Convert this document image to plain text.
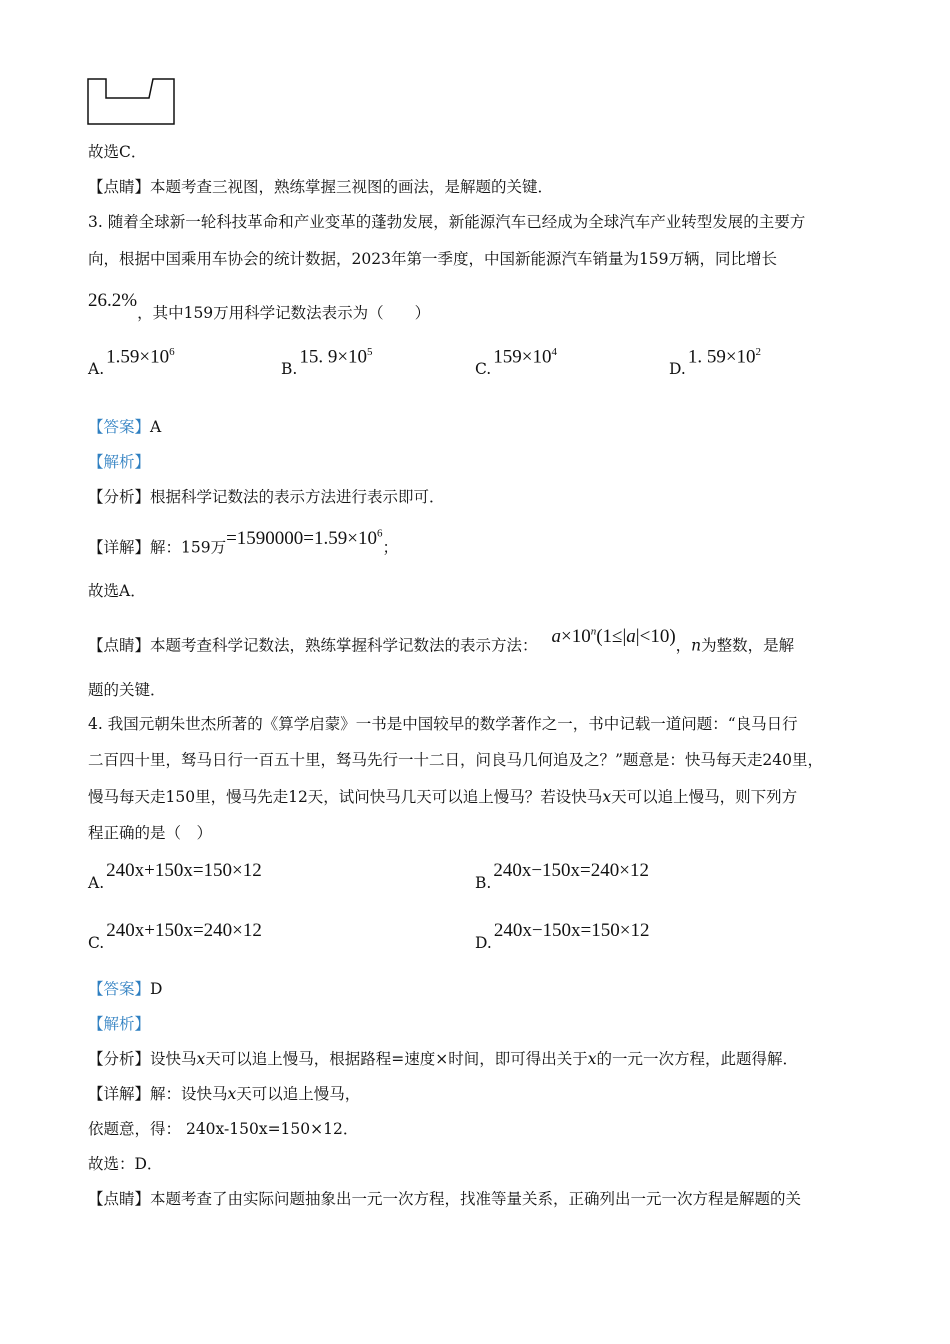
故选C．
【点睛】本题考查三视图，熟练掌握三视图的画法，是解题的关键．
3. 随着全球新一轮科技革命和产业变革的蓬勃发展，新能源汽车已经成为全球汽车产业转型发展的主要方
向，根据中国乘用车协会的统计数据，2023年第一季度，中国新能源汽车销量为159万辆，同比增长
26.2%，其中159万用科学记数法表示为（　　）
$A.1.59\times 10^6$
B.15. $9\times 10^5$
$C.159\times 10^4$
D.1. $59\times 10^2$
【答案】A
【解析】
【分析】根据科学记数法的表示方法进行表示即可．
【详解】解：159万$=1590000=1.59\times 10^6$；
故选A．
【点睛】本题考查科学记数法，熟练掌握科学记数法的表示方法： $a\times 10^n(1\le|a|<10)$，n为整数，是解
题的关键．
4. 我国元朝朱世杰所著的《算学启蒙》一书是中国较早的数学著作之一，书中记载一道问题：“良马日行
二百四十里，驽马日行一百五十里，驽马先行一十二日，问良马几何追及之？”题意是：快马每天走240里，
慢马每天走150里，慢马先走12天，试问快马几天可以追上慢马？若设快马x天可以追上慢马，则下列方
程正确的是（　）
A.240x+150x=150×12
B.240x−150x=240×12
C.240x+150x=240×12
D.240x−150x=150×12
【答案】D
【解析】
【分析】设快马x天可以追上慢马，根据路程=速度×时间，即可得出关于x的一元一次方程，此题得解．
【详解】解：设快马x天可以追上慢马，
依题意，得： 240x-150x=150×12．
故选：D．
【点睛】本题考查了由实际问题抽象出一元一次方程，找准等量关系，正确列出一元一次方程是解题的关
